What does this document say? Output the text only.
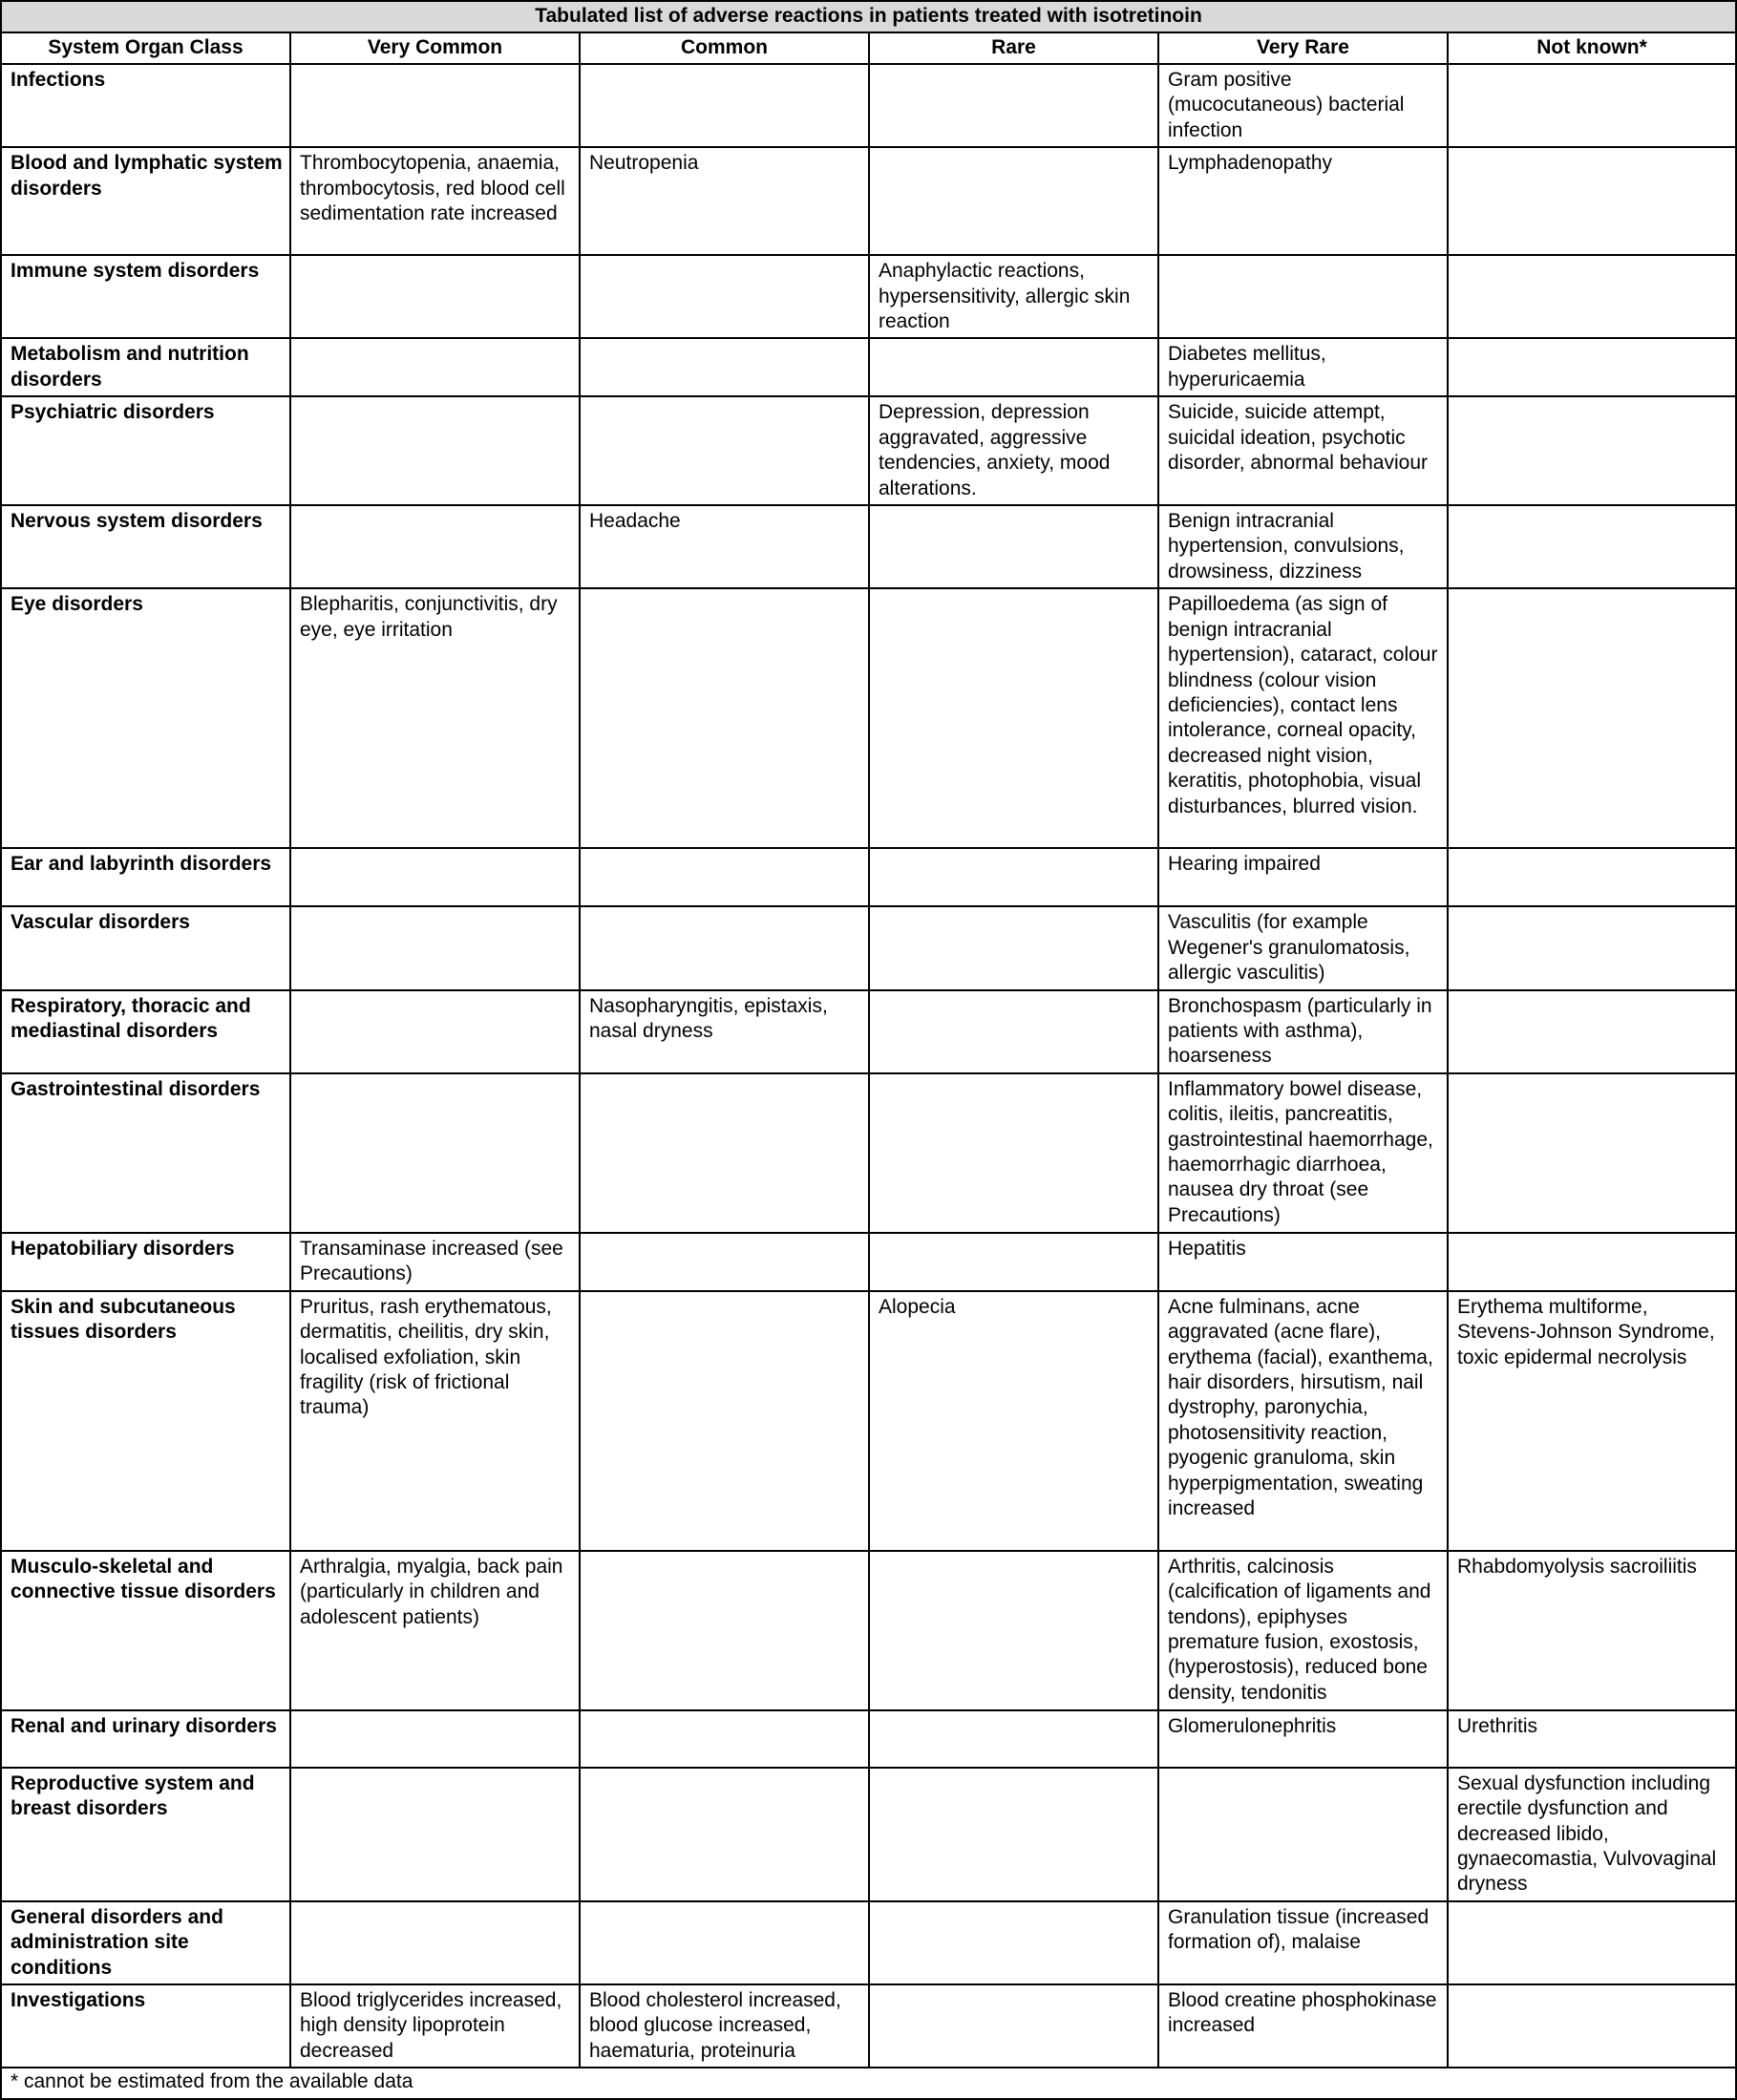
Tabulated list of adverse reactions in patients treated with isotretinoin					
System Organ Class	Very Common	Common	Rare	Very Rare	Not known*
Infections				Gram positive (mucocutaneous) bacterial infection	
Blood and lymphatic system disorders	Thrombocytopenia, anaemia, thrombocytosis, red blood cell sedimentation rate increased	Neutropenia		Lymphadenopathy	
Immune system disorders			Anaphylactic reactions, hypersensitivity, allergic skin reaction		
Metabolism and nutrition disorders				Diabetes mellitus, hyperuricaemia	
Psychiatric disorders			Depression, depression aggravated, aggressive tendencies, anxiety, mood alterations.	Suicide, suicide attempt, suicidal ideation, psychotic disorder, abnormal behaviour	
Nervous system disorders		Headache		Benign intracranial hypertension, convulsions, drowsiness, dizziness	
Eye disorders	Blepharitis, conjunctivitis, dry eye, eye irritation			Papilloedema (as sign of benign intracranial hypertension), cataract, colour blindness (colour vision deficiencies), contact lens intolerance, corneal opacity, decreased night vision, keratitis, photophobia, visual disturbances, blurred vision.	
Ear and labyrinth disorders				Hearing impaired	
Vascular disorders				Vasculitis (for example Wegener's granulomatosis, allergic vasculitis)	
Respiratory, thoracic and mediastinal disorders		Nasopharyngitis, epistaxis, nasal dryness		Bronchospasm (particularly in patients with asthma), hoarseness	
Gastrointestinal disorders				Inflammatory bowel disease, colitis, ileitis, pancreatitis, gastrointestinal haemorrhage, haemorrhagic diarrhoea, nausea dry throat (see Precautions)	
Hepatobiliary disorders	Transaminase increased (see Precautions)			Hepatitis	
Skin and subcutaneous tissues disorders	Pruritus, rash erythematous, dermatitis, cheilitis, dry skin, localised exfoliation, skin fragility (risk of frictional trauma)		Alopecia	Acne fulminans, acne aggravated (acne flare), erythema (facial), exanthema, hair disorders, hirsutism, nail dystrophy, paronychia, photosensitivity reaction, pyogenic granuloma, skin hyperpigmentation, sweating increased	Erythema multiforme, Stevens-Johnson Syndrome, toxic epidermal necrolysis
Musculo-skeletal and connective tissue disorders	Arthralgia, myalgia, back pain (particularly in children and adolescent patients)			Arthritis, calcinosis (calcification of ligaments and tendons), epiphyses premature fusion, exostosis, (hyperostosis), reduced bone density, tendonitis	Rhabdomyolysis sacroiliitis
Renal and urinary disorders				Glomerulonephritis	Urethritis
Reproductive system and breast disorders					Sexual dysfunction including erectile dysfunction and decreased libido, gynaecomastia, Vulvovaginal dryness
General disorders and administration site conditions				Granulation tissue (increased formation of), malaise	
Investigations	Blood triglycerides increased, high density lipoprotein decreased	Blood cholesterol increased, blood glucose increased, haematuria, proteinuria		Blood creatine phosphokinase increased	
* cannot be estimated from the available data					
